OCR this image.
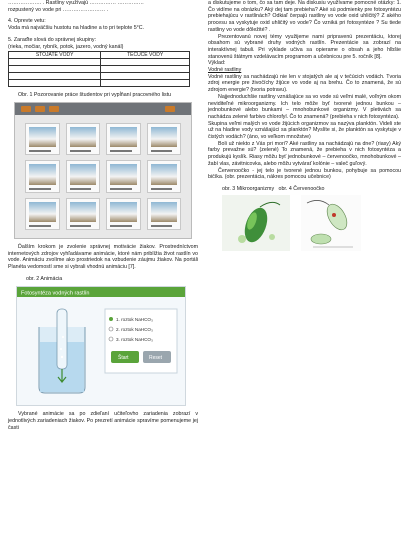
………………. . Rastliny využívajú …………… ……………

rozpustený vo vode pri …………………… .

4. Oprevte vetu:

Voda má najväčšiu hustotu na hladine a to pri teplote 5°C.

5. Zaraďte slová do správnej skupiny:

(rieka, močiar, rybník, potok, jazero, vodný kanál)

STOJATÉ VODY	TEČÚCE VODY

Obr. 1 Pozorovanie práce študentov pri vypĺňaní pracovného listu

Ďalším krokom je zvolenie správnej motivácie žiakov. Prostredníctvom internetových zdrojov vyhľadávame animácie, ktoré nám priblížia život rastlín vo vode. Animáciu zvolíme ako prostriedok na vzbudenie záujmu žiakov. Na portáli Planéta vedomostí sme si vybrali vhodnú animáciu [7].

obr. 2 Animácia

Fotosyntéza vodných rastlín
1. roztok NaHCO₃
2. roztok NaHCO₃
3. roztok NaHCO₃
Štart	Reset

Vybrané animácie sa po zdieľaní učiteľovho zariadenia zobrazí v jednotlivých zariadeniach žiakov. Po prezretí animácie spravíme pomenujeme jej časti

a diskutujeme o tom, čo sa tam deje. Na diskusiu využívame pomocné otázky: 1. Čo vidíme na obrázku? Aký dej tam prebieha? Aké sú podmienky pre fotosyntézu prebiehajúcu v rastlinách? Odkiaľ čerpajú rastliny vo vode oxid uhličitý? Z akého procesu sa vyskytuje oxid uhličitý vo vode? Čo vzniká pri fotosyntéze ? Su tiede rastliny vo vode dôležité? .

Prezentovanú novej témy využijeme nami pripravenú prezentáciu, ktorej obsahom sú vybrané druhy vodných rastlín. Prezentácie sa zobrazí na interaktívnej tabuli. Pri výklade učiva sa opierame o obsah a jeho hlbšie stanovenú štátnym vzdelávacím programom a učebnicou pre 5. ročník [8].

Výklad:

Vodné rastliny

Vodné rastliny sa nachádzajú nie len v stojatých ale aj v tečúcich vodách. Tvoria zdroj energie pre živočíchy žijúce vo vode aj na brehu. Čo to znamená, že sú zdrojom energie? (tvoria potravu).

Najjednoduchšie rastliny vznášajúce sa vo vode sú veľmi malé, voľným okom neviditeľné mikroorganizmy. Ich telo môže byť tvorené jednou bunkou – jednobunkové alebo bunkami – mnohobunkové organizmy. V pletivách sa nachádza zelené farbivo chlorofyl. Čo to znamená? (prebieha v nich fotosyntéza).

Skupina veľmi malých vo vode žijúcich organizmov sa nazýva planktón. Videli ste už na hladine vody vznášajúci sa planktón? Myslíte si, že planktón sa vyskytuje v čistých vodách? (áno, vo veľkom množstve)

Boli už niekto z Vás pri mori? Aké rastliny sa nachádzajú na dne? (riasy) Aký farby prevažne sú? (zelené) To znamená, že prebieha v nich fotosyntéza a produkujú kyslík. Riasy môžu byť jednobunkové – červenoočko, mnohobunkové – žabí vlas, závitnicovka, alebo môžu vytvárať kolónie – valeč guľový.

Červenoočko - jej telo je tvorené jednou bunkou, pohybuje sa pomocou bičíka. (obr. prezentácia, nákres pomocou učebnice)

obr. 3 Mikroorganizmy obr. 4 Červenoočko
